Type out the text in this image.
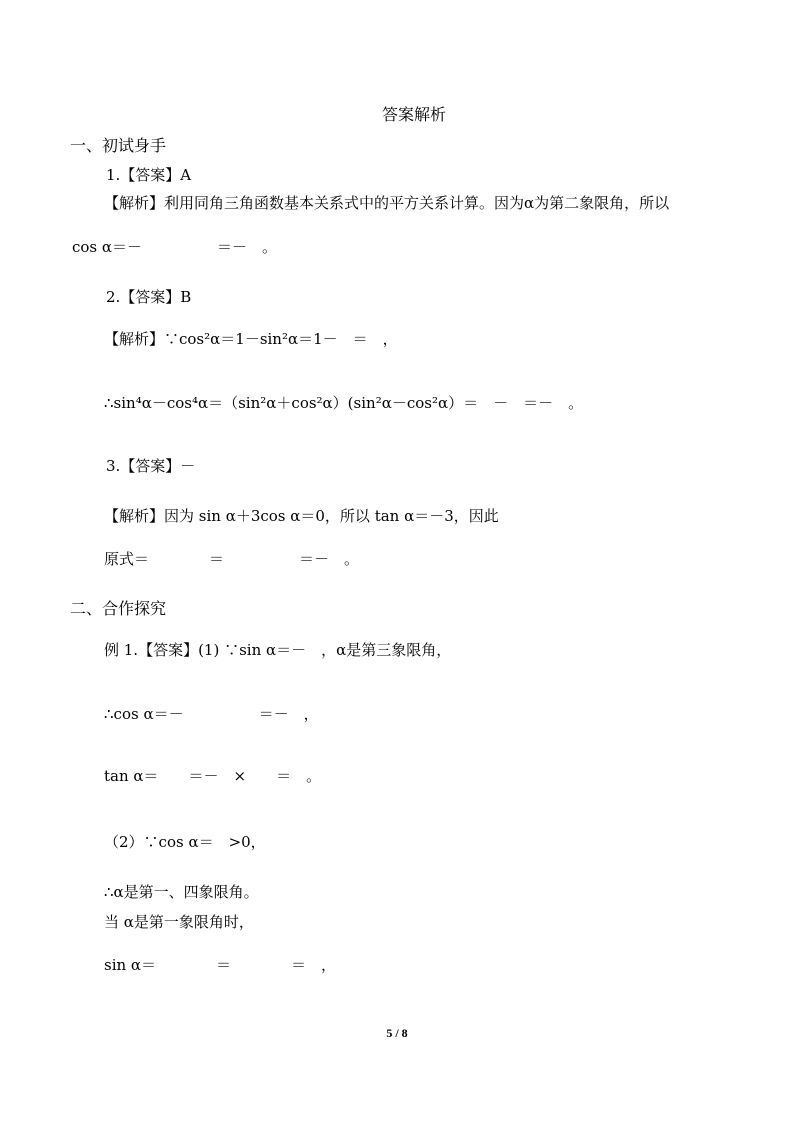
答案解析
一、初试身手
1.【答案】A
【解析】利用同角三角函数基本关系式中的平方关系计算。因为α为第二象限角，所以
cos α＝－　　　　　＝－　。
2.【答案】B
【解析】∵cos²α＝1－sin²α＝1－　＝　，
∴sin⁴α－cos⁴α＝（sin²α＋cos²α）(sin²α－cos²α）＝　－　＝－　。
3.【答案】－
【解析】因为 sin α＋3cos α＝0，所以 tan α＝－3，因此
原式＝　　　　＝　　　　　＝－　。
二、合作探究
例 1.【答案】(1) ∵sin α＝－　，α是第三象限角，
∴cos α＝－　　　　　＝－　，
tan α＝　　＝－　×　　＝　。
（2）∵cos α＝　>0，
∴α是第一、四象限角。
当 α是第一象限角时，
sin α＝　　　　＝　　　　＝　，
5 / 8
